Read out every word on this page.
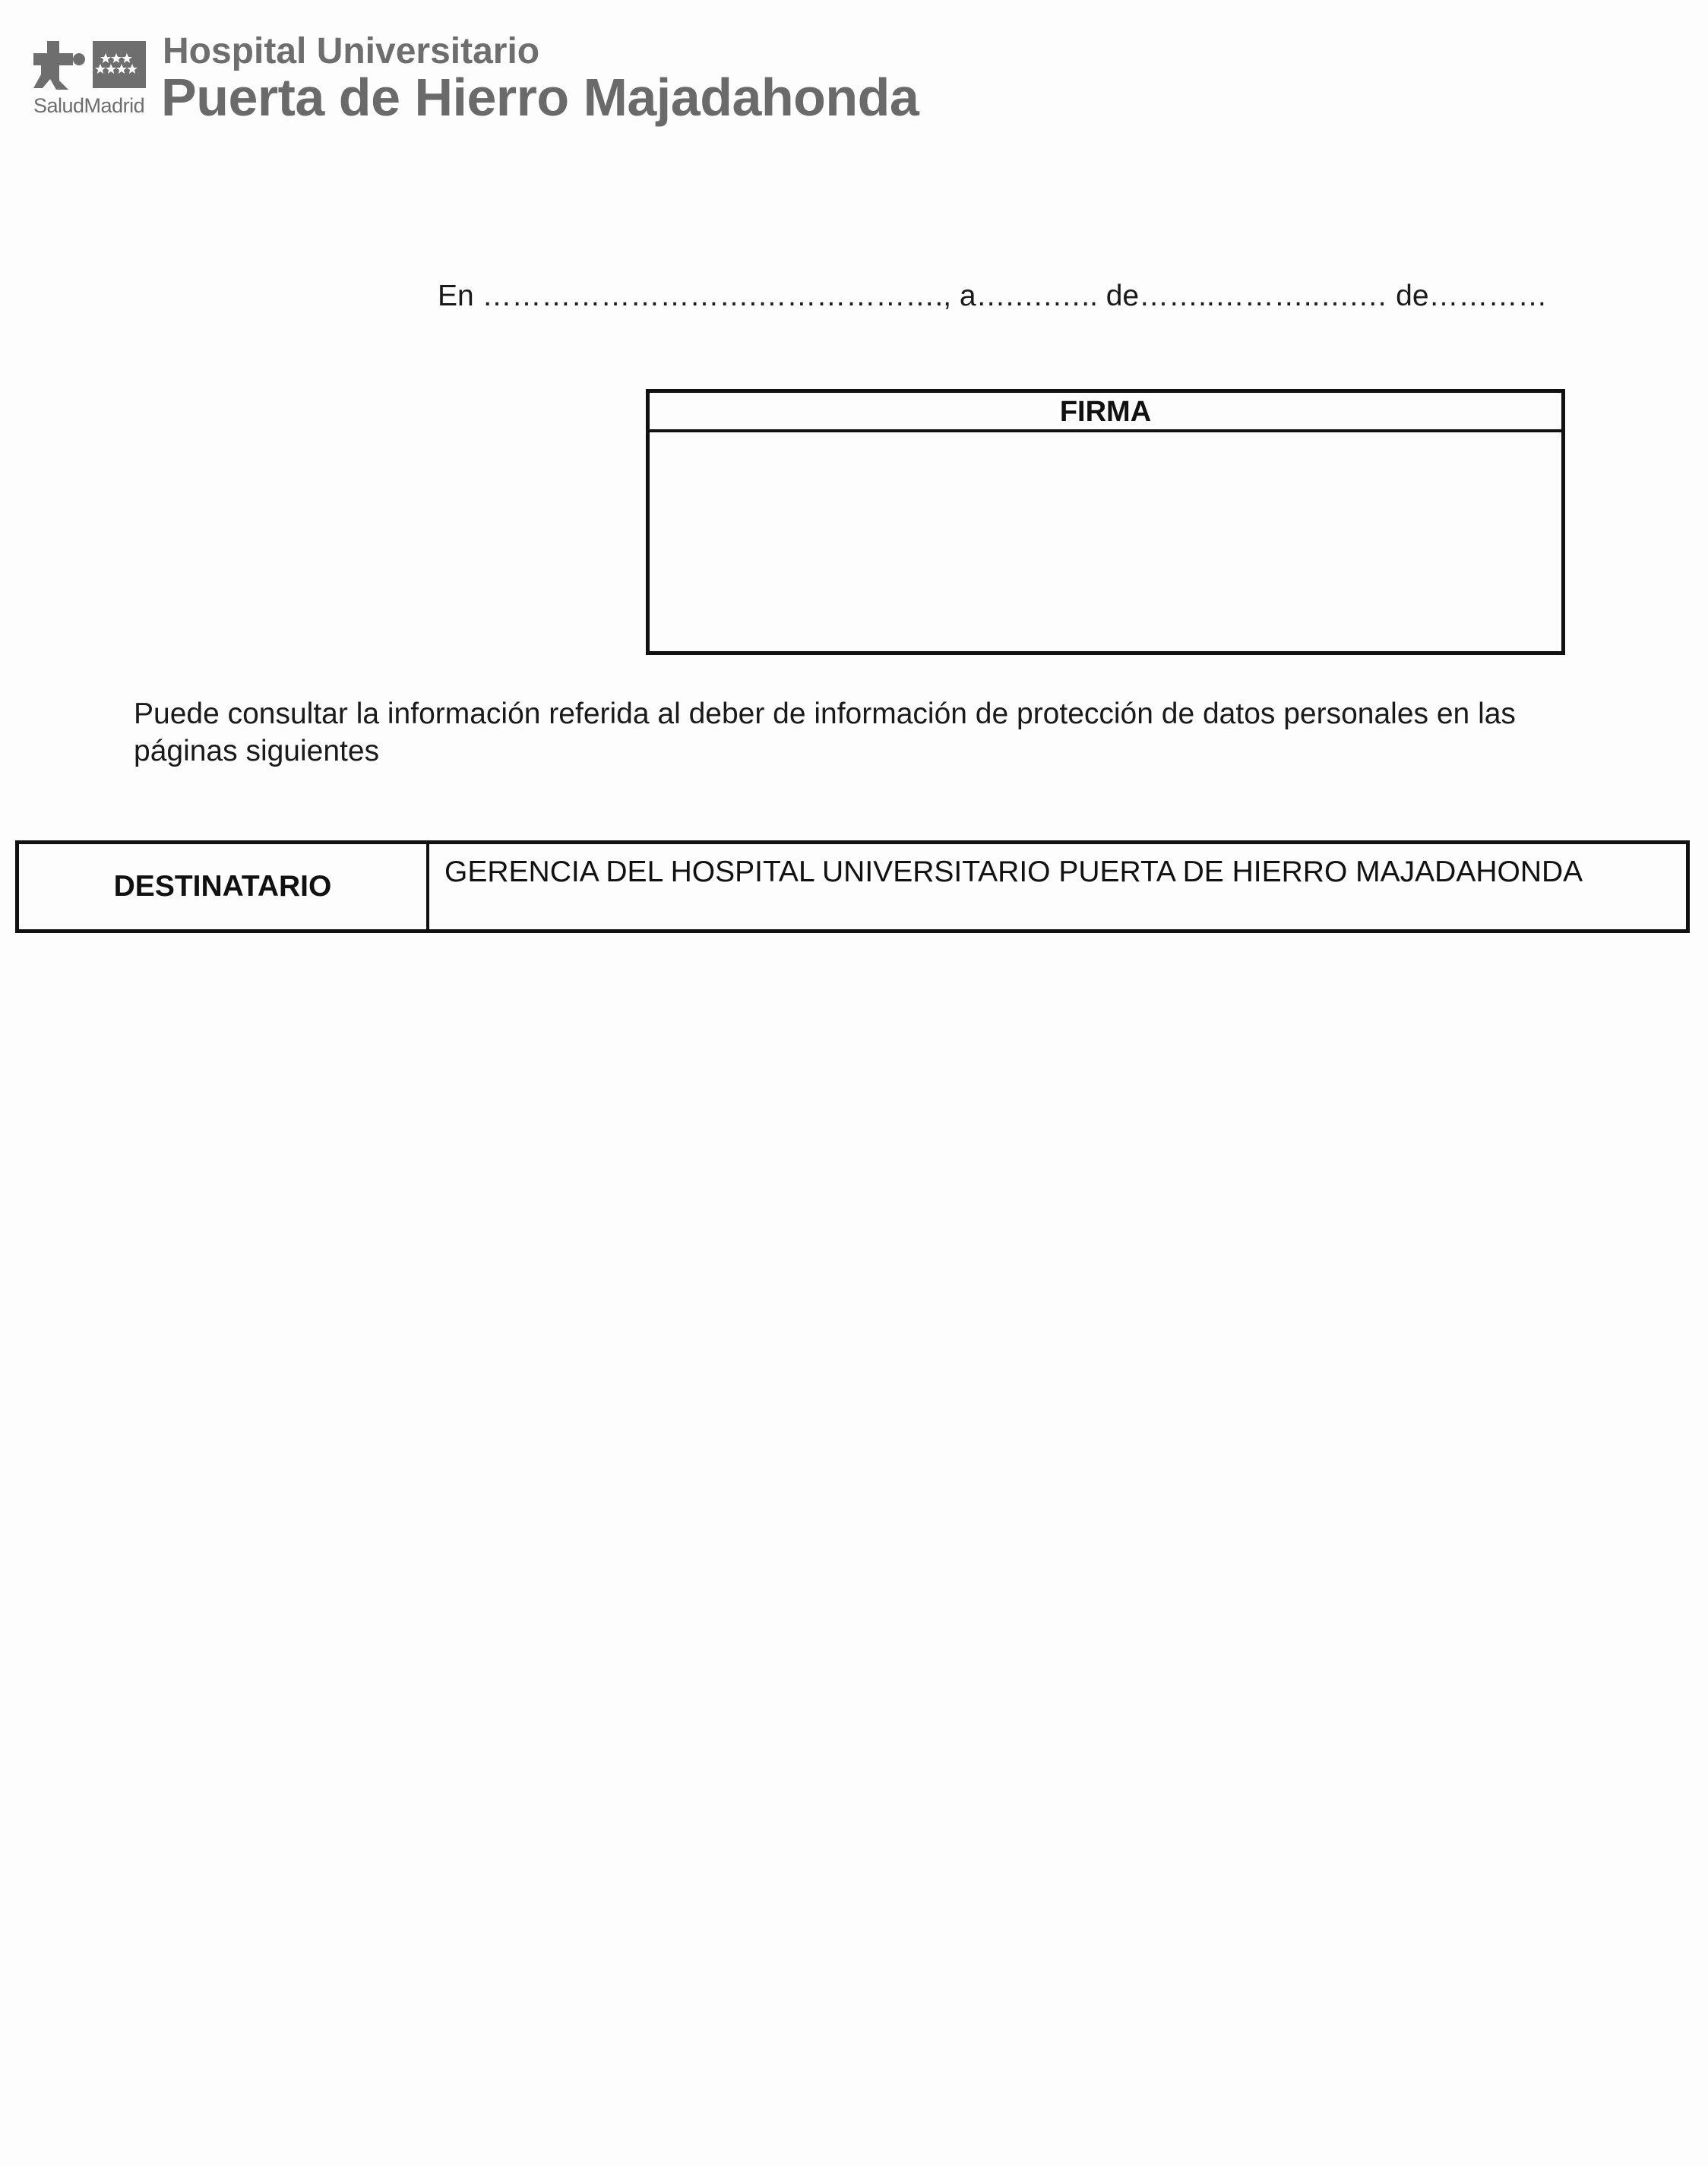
SaludMadrid
Hospital Universitario
Puerta de Hierro Majadahonda
En ……………………….………………., a….….….. de……..………..….… de…………
FIRMA
Puede consultar la información referida al deber de información de protección de datos personales en las páginas siguientes
DESTINATARIO	GERENCIA DEL HOSPITAL UNIVERSITARIO PUERTA DE HIERRO MAJADAHONDA
